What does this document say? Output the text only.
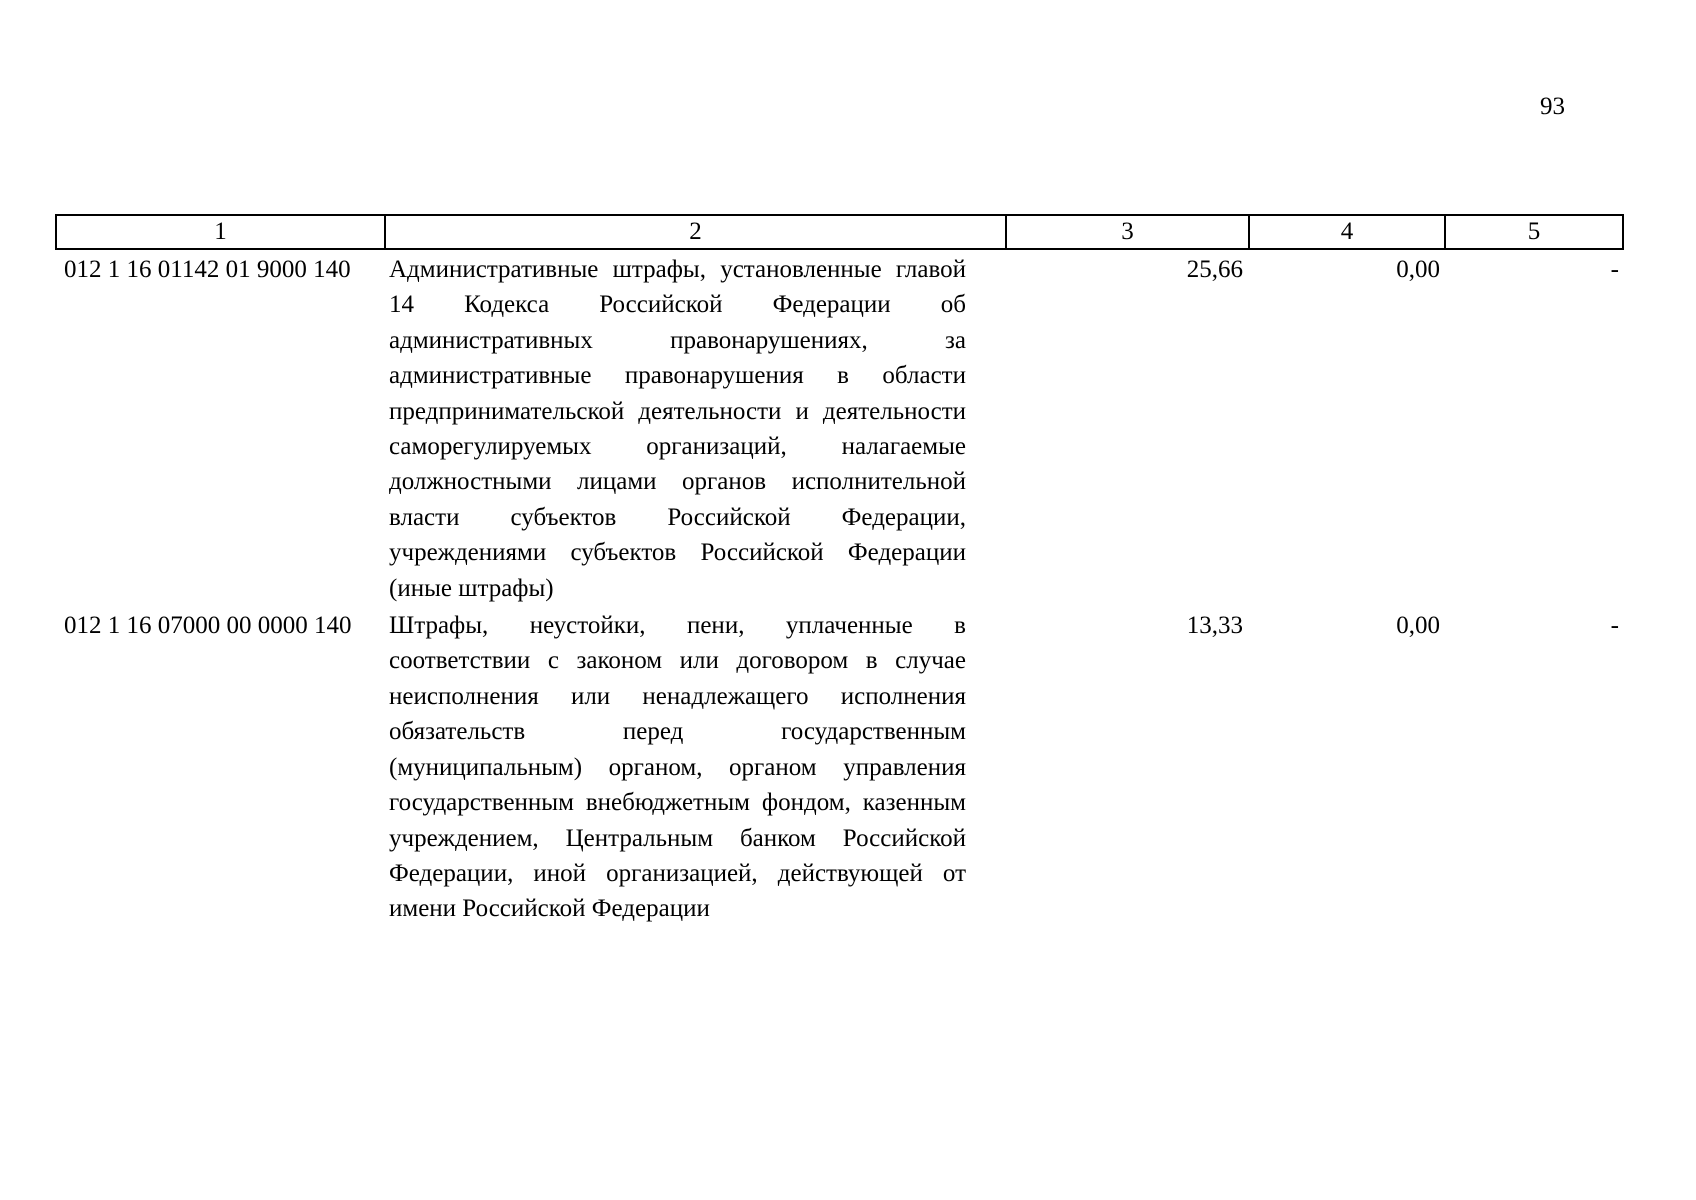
93
1	2	3	4	5
012 1 16 01142 01 9000 140	Административные штрафы, установленные главой 14 Кодекса Российской Федерации об административных правонарушениях, за административные правонарушения в области предпринимательской деятельности и деятельности саморегулируемых организаций, налагаемые должностными лицами органов исполнительной власти субъектов Российской Федерации, учреждениями субъектов Российской Федерации (иные штрафы)	25,66	0,00	-
012 1 16 07000 00 0000 140	Штрафы, неустойки, пени, уплаченные в соответствии с законом или договором в случае неисполнения или ненадлежащего исполнения обязательств перед государственным (муниципальным) органом, органом управления государственным внебюджетным фондом, казенным учреждением, Центральным банком Российской Федерации, иной организацией, действующей от имени Российской Федерации	13,33	0,00	-
